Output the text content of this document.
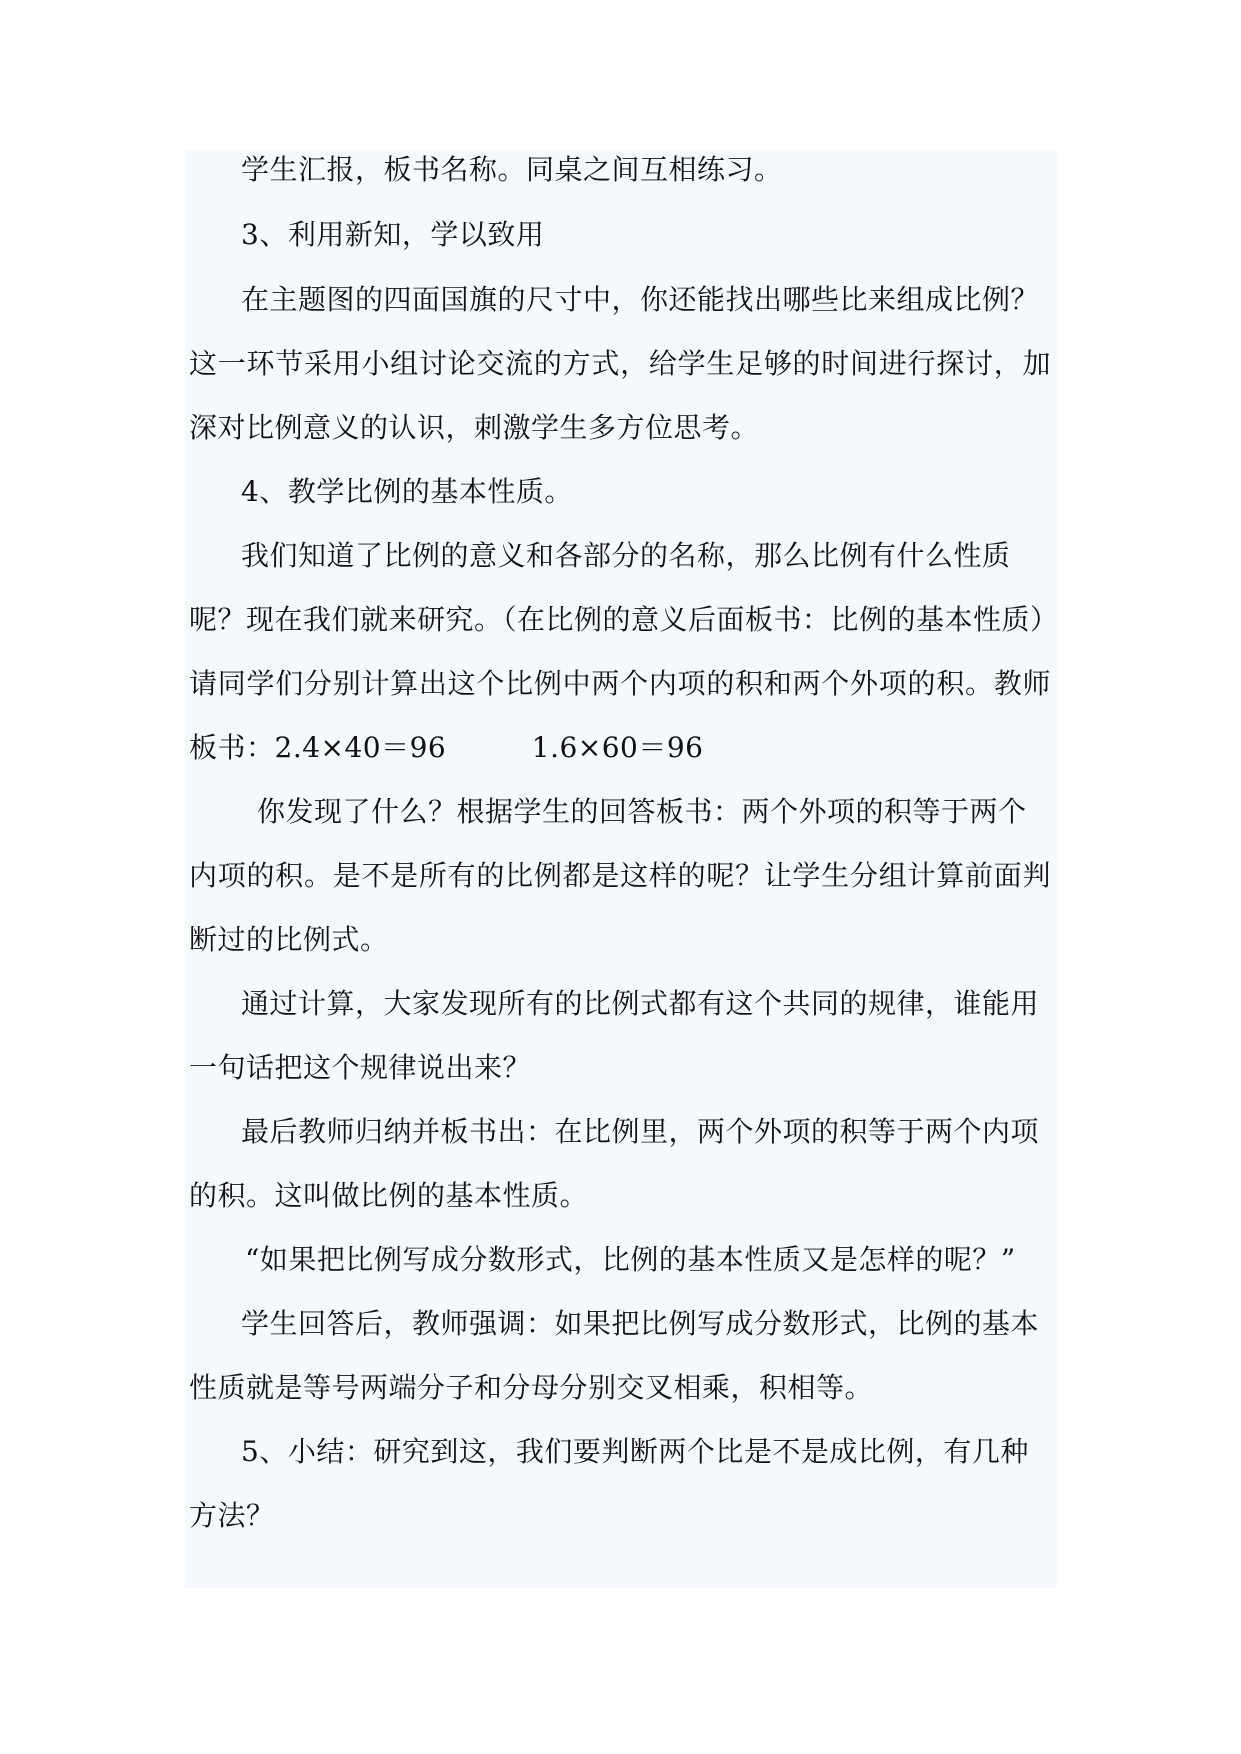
学生汇报，板书名称。同桌之间互相练习。
3、利用新知，学以致用
在主题图的四面国旗的尺寸中，你还能找出哪些比来组成比例？
这一环节采用小组讨论交流的方式，给学生足够的时间进行探讨，加
深对比例意义的认识，刺激学生多方位思考。
4、教学比例的基本性质。
我们知道了比例的意义和各部分的名称，那么比例有什么性质
呢？现在我们就来研究。（在比例的意义后面板书：比例的基本性质）
请同学们分别计算出这个比例中两个内项的积和两个外项的积。教师
板书：2.4×40＝96　　　1.6×60＝96
你发现了什么？根据学生的回答板书：两个外项的积等于两个
内项的积。是不是所有的比例都是这样的呢？让学生分组计算前面判
断过的比例式。
通过计算，大家发现所有的比例式都有这个共同的规律，谁能用
一句话把这个规律说出来？
最后教师归纳并板书出：在比例里，两个外项的积等于两个内项
的积。这叫做比例的基本性质。
“如果把比例写成分数形式，比例的基本性质又是怎样的呢？”
学生回答后，教师强调：如果把比例写成分数形式，比例的基本
性质就是等号两端分子和分母分别交叉相乘，积相等。
5、小结：研究到这，我们要判断两个比是不是成比例，有几种
方法？
